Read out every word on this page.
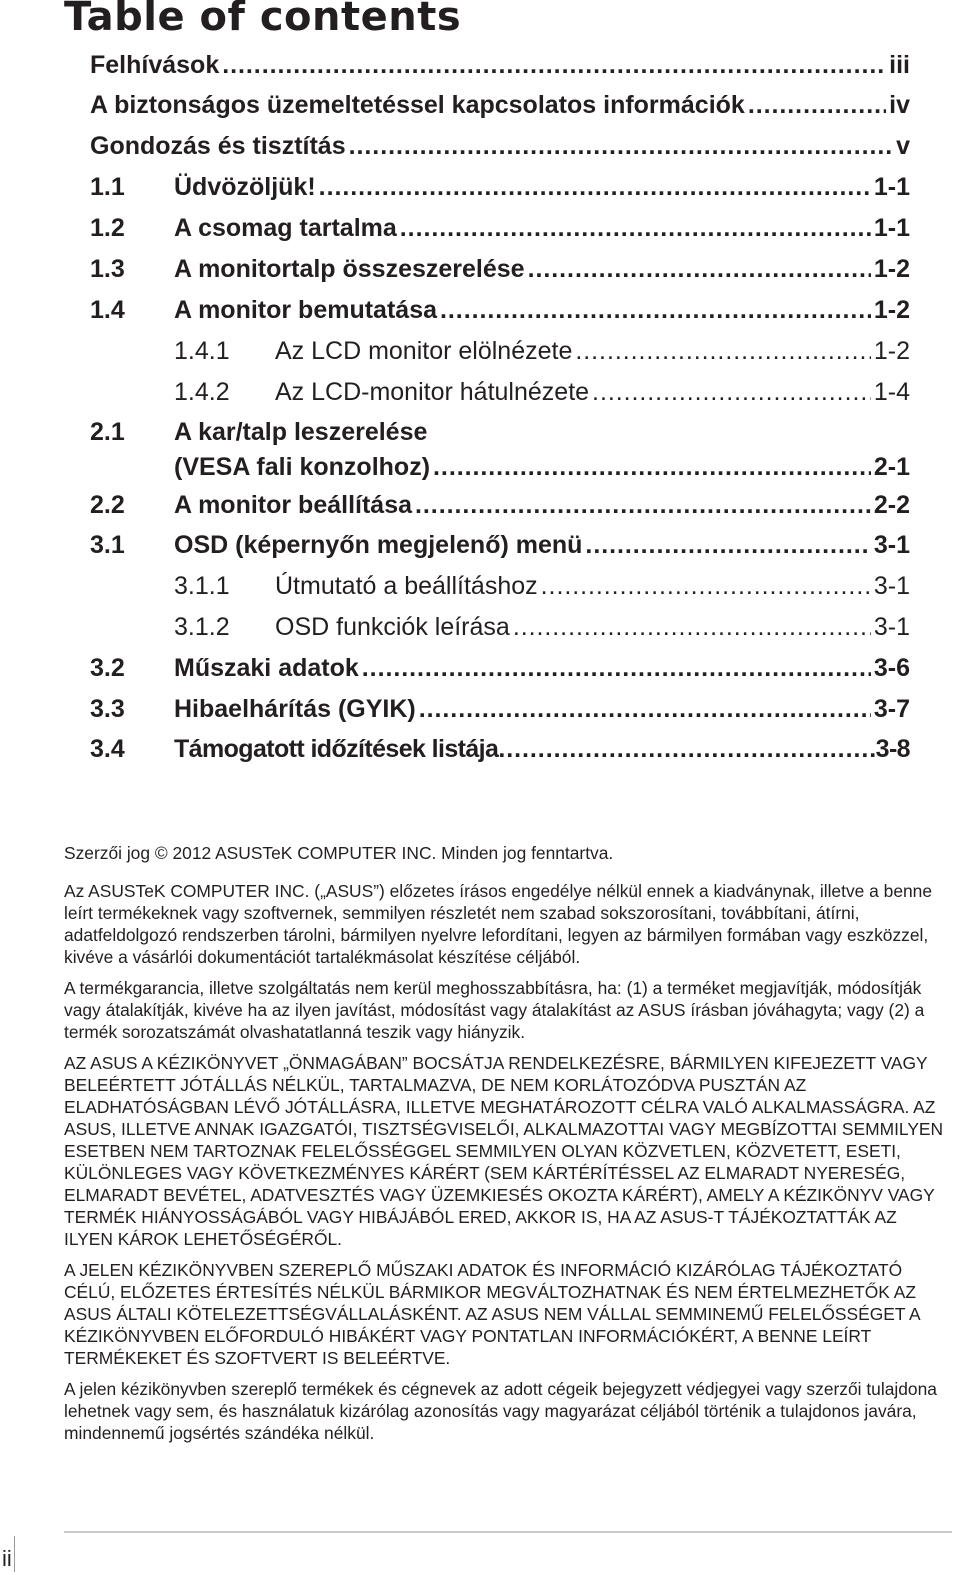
Table of contents
Felhívások . . .	iii
A biztonságos üzemeltetéssel kapcsolatos információk . . .	iv
Gondozás és tisztítás . . .	v
1.1	Üdvözöljük! . . .	1-1
1.2	A csomag tartalma . . .	1-1
1.3	A monitortalp összeszerelése . . .	1-2
1.4	A monitor bemutatása . . .	1-2
1.4.1	Az LCD monitor elölnézete . . .	1-2
1.4.2	Az LCD-monitor hátulnézete . . .	1-4
2.1	A kar/talp leszerelése
(VESA fali konzolhoz) . . .	2-1
2.2	A monitor beállítása . . .	2-2
3.1	OSD (képernyőn megjelenő) menü . . .	3-1
3.1.1	Útmutató a beállításhoz . . .	3-1
3.1.2	OSD funkciók leírása . . .	3-1
3.2	Műszaki adatok . . .	3-6
3.3	Hibaelhárítás (GYIK) . . .	3-7
3.4	Támogatott időzítések listája . . .	3-8

Szerzői jog © 2012 ASUSTeK COMPUTER INC. Minden jog fenntartva.

Az ASUSTeK COMPUTER INC. („ASUS”) előzetes írásos engedélye nélkül ennek a kiadványnak, illetve a benne leírt termékeknek vagy szoftvernek, semmilyen részletét nem szabad sokszorosítani, továbbítani, átírni, adatfeldolgozó rendszerben tárolni, bármilyen nyelvre lefordítani, legyen az bármilyen formában vagy eszközzel, kivéve a vásárlói dokumentációt tartalékmásolat készítése céljából.

A termékgarancia, illetve szolgáltatás nem kerül meghosszabbításra, ha: (1) a terméket megjavítják, módosítják vagy átalakítják, kivéve ha az ilyen javítást, módosítást vagy átalakítást az ASUS írásban jóváhagyta; vagy (2) a termék sorozatszámát olvashatatlanná teszik vagy hiányzik.

AZ ASUS A KÉZIKÖNYVET „ÖNMAGÁBAN” BOCSÁTJA RENDELKEZÉSRE, BÁRMILYEN KIFEJEZETT VAGY BELEÉRTETT JÓTÁLLÁS NÉLKÜL, TARTALMAZVA, DE NEM KORLÁTOZÓDVA PUSZTÁN AZ ELADHATÓSÁGBAN LÉVŐ JÓTÁLLÁSRA, ILLETVE MEGHATÁROZOTT CÉLRA VALÓ ALKALMASSÁGRA. AZ ASUS, ILLETVE ANNAK IGAZGATÓI, TISZTSÉGVISELŐI, ALKALMAZOTTAI VAGY MEGBÍZOTTAI SEMMILYEN ESETBEN NEM TARTOZNAK FELELŐSSÉGGEL SEMMILYEN OLYAN KÖZVETLEN, KÖZVETETT, ESETI, KÜLÖNLEGES VAGY KÖVETKEZMÉNYES KÁRÉRT (SEM KÁRTÉRÍTÉSSEL AZ ELMARADT NYERESÉG, ELMARADT BEVÉTEL, ADATVESZTÉS VAGY ÜZEMKIESÉS OKOZTA KÁRÉRT), AMELY A KÉZIKÖNYV VAGY TERMÉK HIÁNYOSSÁGÁBÓL VAGY HIBÁJÁBÓL ERED, AKKOR IS, HA AZ ASUS-T TÁJÉKOZTATTÁK AZ ILYEN KÁROK LEHETŐSÉGÉRŐL.

A JELEN KÉZIKÖNYVBEN SZEREPLŐ MŰSZAKI ADATOK ÉS INFORMÁCIÓ KIZÁRÓLAG TÁJÉKOZTATÓ CÉLÚ, ELŐZETES ÉRTESÍTÉS NÉLKÜL BÁRMIKOR MEGVÁLTOZHATNAK ÉS NEM ÉRTELMEZHETŐK AZ ASUS ÁLTALI KÖTELEZETTSÉGVÁLLALÁSKÉNT. AZ ASUS NEM VÁLLAL SEMMINEMŰ FELELŐSSÉGET A KÉZIKÖNYVBEN ELŐFORDULÓ HIBÁKÉRT VAGY PONTATLAN INFORMÁCIÓKÉRT, A BENNE LEÍRT TERMÉKEKET ÉS SZOFTVERT IS BELEÉRTVE.

A jelen kézikönyvben szereplő termékek és cégnevek az adott cégeik bejegyzett védjegyei vagy szerzői tulajdona lehetnek vagy sem, és használatuk kizárólag azonosítás vagy magyarázat céljából történik a tulajdonos javára, mindennemű jogsértés szándéka nélkül.

ii
